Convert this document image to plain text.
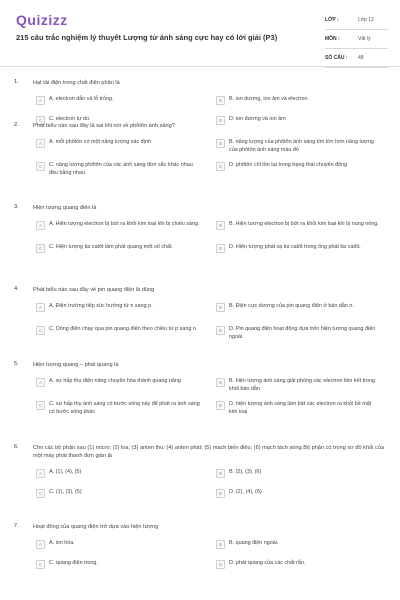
Quizizz
215 câu trắc nghiệm lý thuyết Lượng tử ánh sáng cực hay có lời giải (P3)
LỚP :	Lớp 12
MÔN :	Vật lý
SỐ CÂU :	48
1.	Hạt tải điện trong chất điện phân là
A	A. electron dẫn và lỗ trống.	B	B. ion dương, ion âm và electron.
C	C. electron tự do.	D	D. ion dương và ion âm
2.	Phát biểu nào sau đây là sai khi nói về phôtôn ánh sáng?
A	A. mỗi phôtôn có một năng lượng xác định	B	B. năng lượng của phôtôn ánh sáng tím lớn hơn năng lượng của phôtôn ánh sáng màu đỏ
C	C. năng lượng phôtôn của các ánh sáng đơn sắc khác nhau đều bằng nhau
D	D. phôtôn chỉ tồn tại trong trạng thái chuyển động
3.	Hiện tượng quang điện là
A	A. Hiện tượng electron bị bứt ra khỏi kim loại khi bị chiếu sáng.	B	B. Hiện tượng electron bị bứt ra khỏi kim loại khi bị nung nóng.
C	C. Hiện tượng tia catôt làm phát quang một số chất.	D	D. Hiện tượng phát xạ tia catôt trong ống phát tia catôt.
4.	Phát biểu nào sau đây về pin quang điện là đúng
A	A. Điện trường tiếp xúc hướng từ n sang p.	B	B. Điện cực dương của pin quang điện ở bán dẫn n.
C	C. Dòng điện chạy qua pin quang điện theo chiều từ p sang n.	D	D. Pin quang điện hoạt động dựa trên hiện tượng quang điện ngoài.
5.	Hiện tượng quang – phát quang là
A	A. sự hấp thụ điện năng chuyển hóa thành quang năng	B	B. hiện tượng ánh sáng giải phóng các electron liên kết trong khối bán dẫn
C	C. sự hấp thụ ánh sáng có bước sóng này để phát ra ánh sáng có bước sóng khác
D	D. hiện tượng ánh sáng làm bật các electron ra khỏi bề mặt kim loại
6.	Cho các bộ phận sau (1) micro; (2) loa; (3) anten thu; (4) anten phát; (5) mạch biến điệu; (6) mạch tách sóng.Bộ phận có trong sơ đồ khối của một máy phát thanh đơn giản là
A	A. (1), (4), (5)	B	B. (2), (3), (6)
C	C. (1), (3), (5)	D	D. (2), (4), (6)
7.	Hoạt động của quang điện trở dựa vào hiện tượng
A	A. ion hóa.	B	B. quang điện ngoài.
C	C. quang điện trong.	D	D. phát quang của các chất rắn.
